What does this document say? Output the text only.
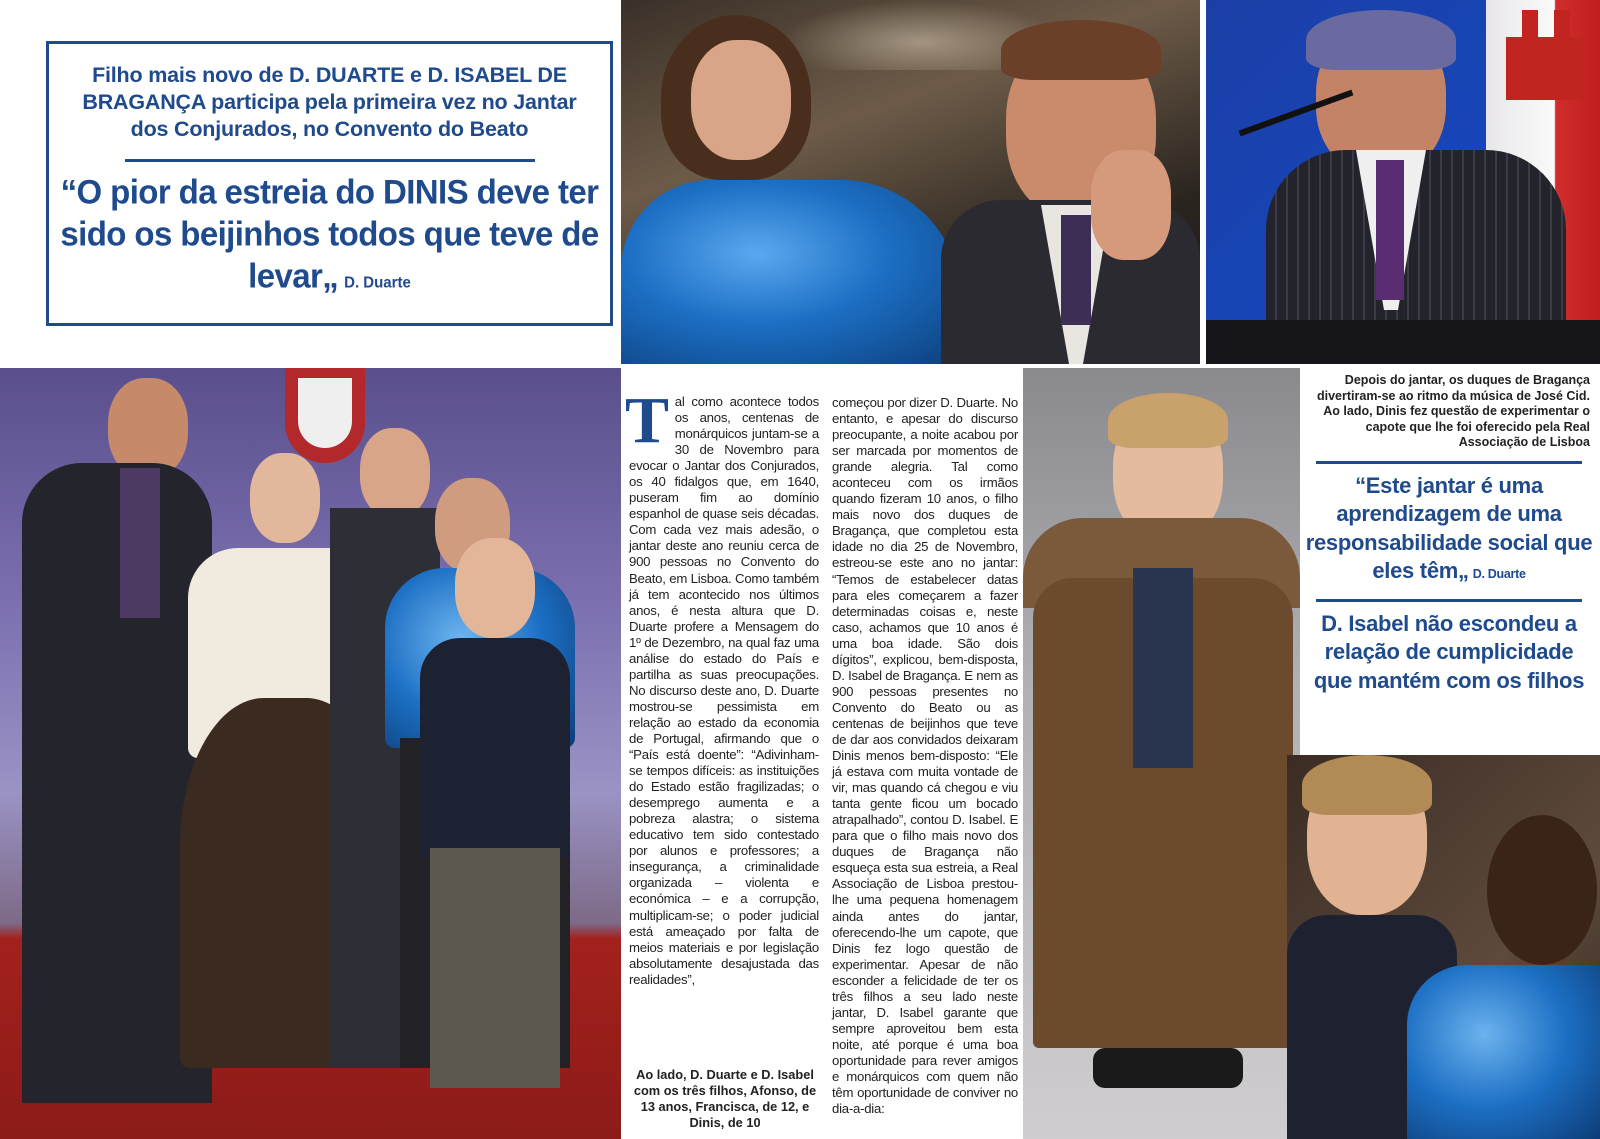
Filho mais novo de D. DUARTE e D. ISABEL DE BRAGANÇA participa pela primeira vez no Jantar dos Conjurados, no Convento do Beato
“O pior da estreia do DINIS deve ter sido os beijinhos todos que teve de levar„ D. Duarte
Tal como acontece todos os anos, centenas de monárquicos juntam-se a 30 de Novembro para evocar o Jantar dos Conjurados, os 40 fidalgos que, em 1640, puseram fim ao domínio espanhol de quase seis décadas. Com cada vez mais adesão, o jantar deste ano reuniu cerca de 900 pessoas no Convento do Beato, em Lisboa. Como também já tem acontecido nos últimos anos, é nesta altura que D. Duarte profere a Mensagem do 1º de Dezembro, na qual faz uma análise do estado do País e partilha as suas preocupações. No discurso deste ano, D. Duarte mostrou-se pessimista em relação ao estado da economia de Portugal, afirmando que o “País está doente”: “Adivinham-se tempos difíceis: as instituições do Estado estão fragilizadas; o desemprego aumenta e a pobreza alastra; o sistema educativo tem sido contestado por alunos e professores; a insegurança, a criminalidade organizada – violenta e económica – e a corrupção, multiplicam-se; o poder judicial está ameaçado por falta de meios materiais e por legislação absolutamente desajustada das realidades”,
Ao lado, D. Duarte e D. Isabel com os três filhos, Afonso, de 13 anos, Francisca, de 12, e Dinis, de 10
começou por dizer D. Duarte. No entanto, e apesar do discurso preocupante, a noite acabou por ser marcada por momentos de grande alegria. Tal como aconteceu com os irmãos quando fizeram 10 anos, o filho mais novo dos duques de Bragança, que completou esta idade no dia 25 de Novembro, estreou-se este ano no jantar: “Temos de estabelecer datas para eles começarem a fazer determinadas coisas e, neste caso, achamos que 10 anos é uma boa idade. São dois dígitos”, explicou, bem-disposta, D. Isabel de Bragança. E nem as 900 pessoas presentes no Convento do Beato ou as centenas de beijinhos que teve de dar aos convidados deixaram Dinis menos bem-disposto: “Ele já estava com muita vontade de vir, mas quando cá chegou e viu tanta gente ficou um bocado atrapalhado”, contou D. Isabel. E para que o filho mais novo dos duques de Bragança não esqueça esta sua estreia, a Real Associação de Lisboa prestou-lhe uma pequena homenagem ainda antes do jantar, oferecendo-lhe um capote, que Dinis fez logo questão de experimentar. Apesar de não esconder a felicidade de ter os três filhos a seu lado neste jantar, D. Isabel garante que sempre aproveitou bem esta noite, até porque é uma boa oportunidade para rever amigos e monárquicos com quem não têm oportunidade de conviver no dia-a-dia:
Depois do jantar, os duques de Bragança divertiram-se ao ritmo da música de José Cid. Ao lado, Dinis fez questão de experimentar o capote que lhe foi oferecido pela Real Associação de Lisboa
“Este jantar é uma aprendizagem de uma responsabilidade social que eles têm„ D. Duarte
D. Isabel não escondeu a relação de cumplicidade que mantém com os filhos
